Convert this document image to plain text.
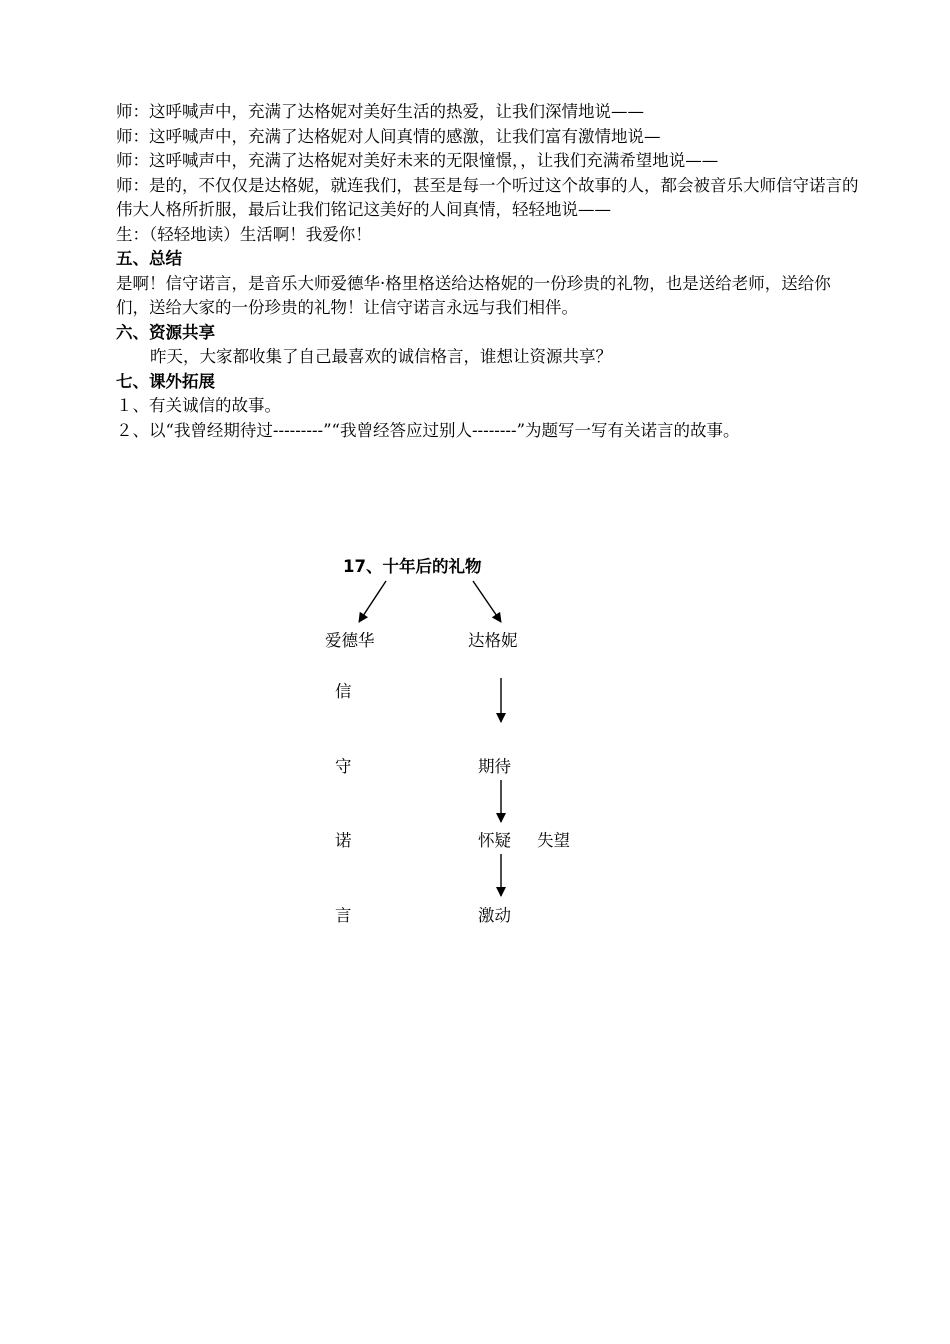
师：这呼喊声中，充满了达格妮对美好生活的热爱，让我们深情地说——

师：这呼喊声中，充满了达格妮对人间真情的感激，让我们富有激情地说—

师：这呼喊声中，充满了达格妮对美好未来的无限憧憬，，让我们充满希望地说——

师：是的，不仅仅是达格妮，就连我们，甚至是每一个听过这个故事的人，都会被音乐大师信守诺言的伟大人格所折服，最后让我们铭记这美好的人间真情，轻轻地说——

生：（轻轻地读）生活啊！我爱你！

五、总结

是啊！信守诺言，是音乐大师爱德华·格里格送给达格妮的一份珍贵的礼物，也是送给老师，送给你们，送给大家的一份珍贵的礼物！让信守诺言永远与我们相伴。

六、资源共享

昨天，大家都收集了自己最喜欢的诚信格言，谁想让资源共享？

七、课外拓展

１、有关诚信的故事。

２、以“我曾经期待过---------”“我曾经答应过别人--------”为题写一写有关诺言的故事。

17、十年后的礼物
爱德华	达格妮
信
守
诺
言
期待
怀疑 失望
激动
